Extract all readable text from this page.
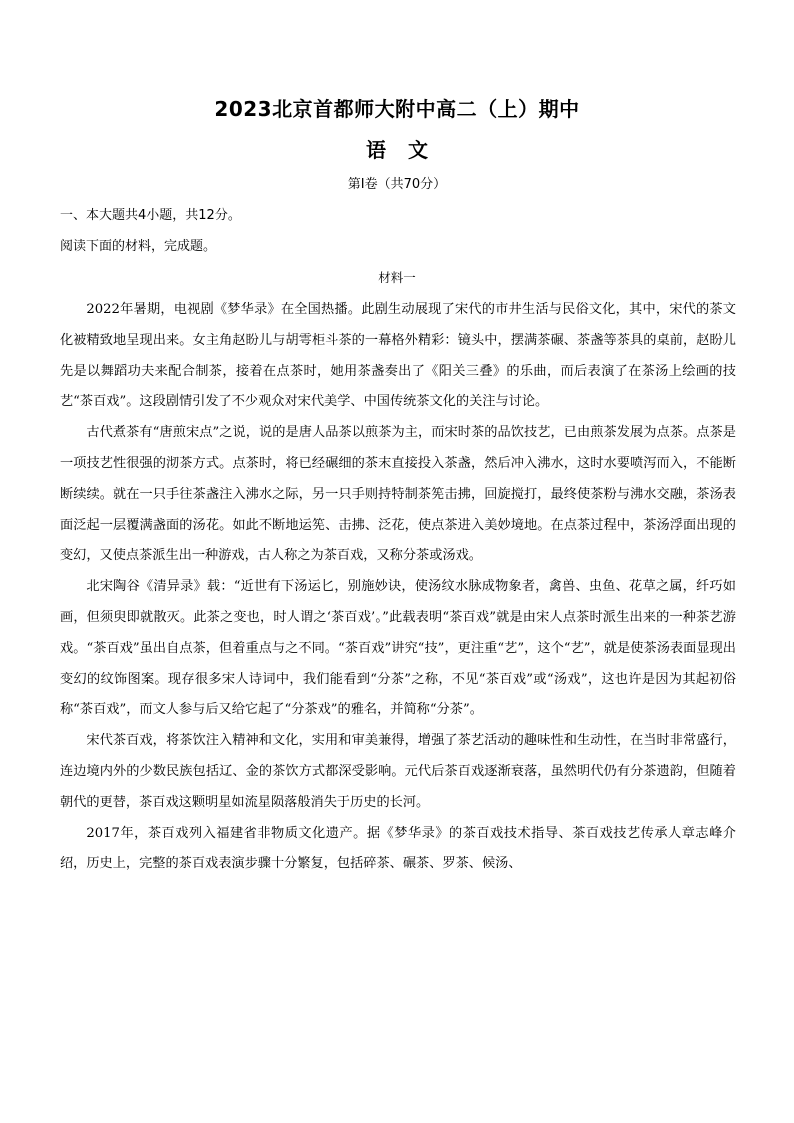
2023北京首都师大附中高二（上）期中
语文
第Ⅰ卷（共70分）
一、本大题共4小题，共12分。
阅读下面的材料，完成题。
材料一

2022年暑期，电视剧《梦华录》在全国热播。此剧生动展现了宋代的市井生活与民俗文化，其中，宋代的茶文化被精致地呈现出来。女主角赵盼儿与胡雩柜斗茶的一幕格外精彩：镜头中，摆满茶碾、茶盏等茶具的桌前，赵盼儿先是以舞蹈功夫来配合制茶，接着在点茶时，她用茶盏奏出了《阳关三叠》的乐曲，而后表演了在茶汤上绘画的技艺“茶百戏”。这段剧情引发了不少观众对宋代美学、中国传统茶文化的关注与讨论。

古代煮茶有“唐煎宋点”之说，说的是唐人品茶以煎茶为主，而宋时茶的品饮技艺，已由煎茶发展为点茶。点茶是一项技艺性很强的沏茶方式。点茶时，将已经碾细的茶末直接投入茶盏，然后冲入沸水，这时水要喷泻而入，不能断断续续。就在一只手往茶盏注入沸水之际，另一只手则持特制茶筅击拂，回旋搅打，最终使茶粉与沸水交融，茶汤表面泛起一层覆满盏面的汤花。如此不断地运筅、击拂、泛花，使点茶进入美妙境地。在点茶过程中，茶汤浮面出现的变幻，又使点茶派生出一种游戏，古人称之为茶百戏，又称分茶或汤戏。

北宋陶谷《清异录》载：“近世有下汤运匕，别施妙诀，使汤纹水脉成物象者，禽兽、虫鱼、花草之属，纤巧如画，但须臾即就散灭。此茶之变也，时人谓之‘茶百戏’。”此载表明“茶百戏”就是由宋人点茶时派生出来的一种茶艺游戏。“茶百戏”虽出自点茶，但着重点与之不同。“茶百戏”讲究“技”，更注重“艺”，这个“艺”，就是使茶汤表面显现出变幻的纹饰图案。现存很多宋人诗词中，我们能看到“分茶”之称，不见“茶百戏”或“汤戏”，这也许是因为其起初俗称“茶百戏”，而文人参与后又给它起了“分茶戏”的雅名，并简称“分茶”。

宋代茶百戏，将茶饮注入精神和文化，实用和审美兼得，增强了茶艺活动的趣味性和生动性，在当时非常盛行，连边境内外的少数民族包括辽、金的茶饮方式都深受影响。元代后茶百戏逐渐衰落，虽然明代仍有分茶遗韵，但随着朝代的更替，茶百戏这颗明星如流星陨落般消失于历史的长河。

2017年，茶百戏列入福建省非物质文化遗产。据《梦华录》的茶百戏技术指导、茶百戏技艺传承人章志峰介绍，历史上，完整的茶百戏表演步骤十分繁复，包括碎茶、碾茶、罗茶、候汤、
